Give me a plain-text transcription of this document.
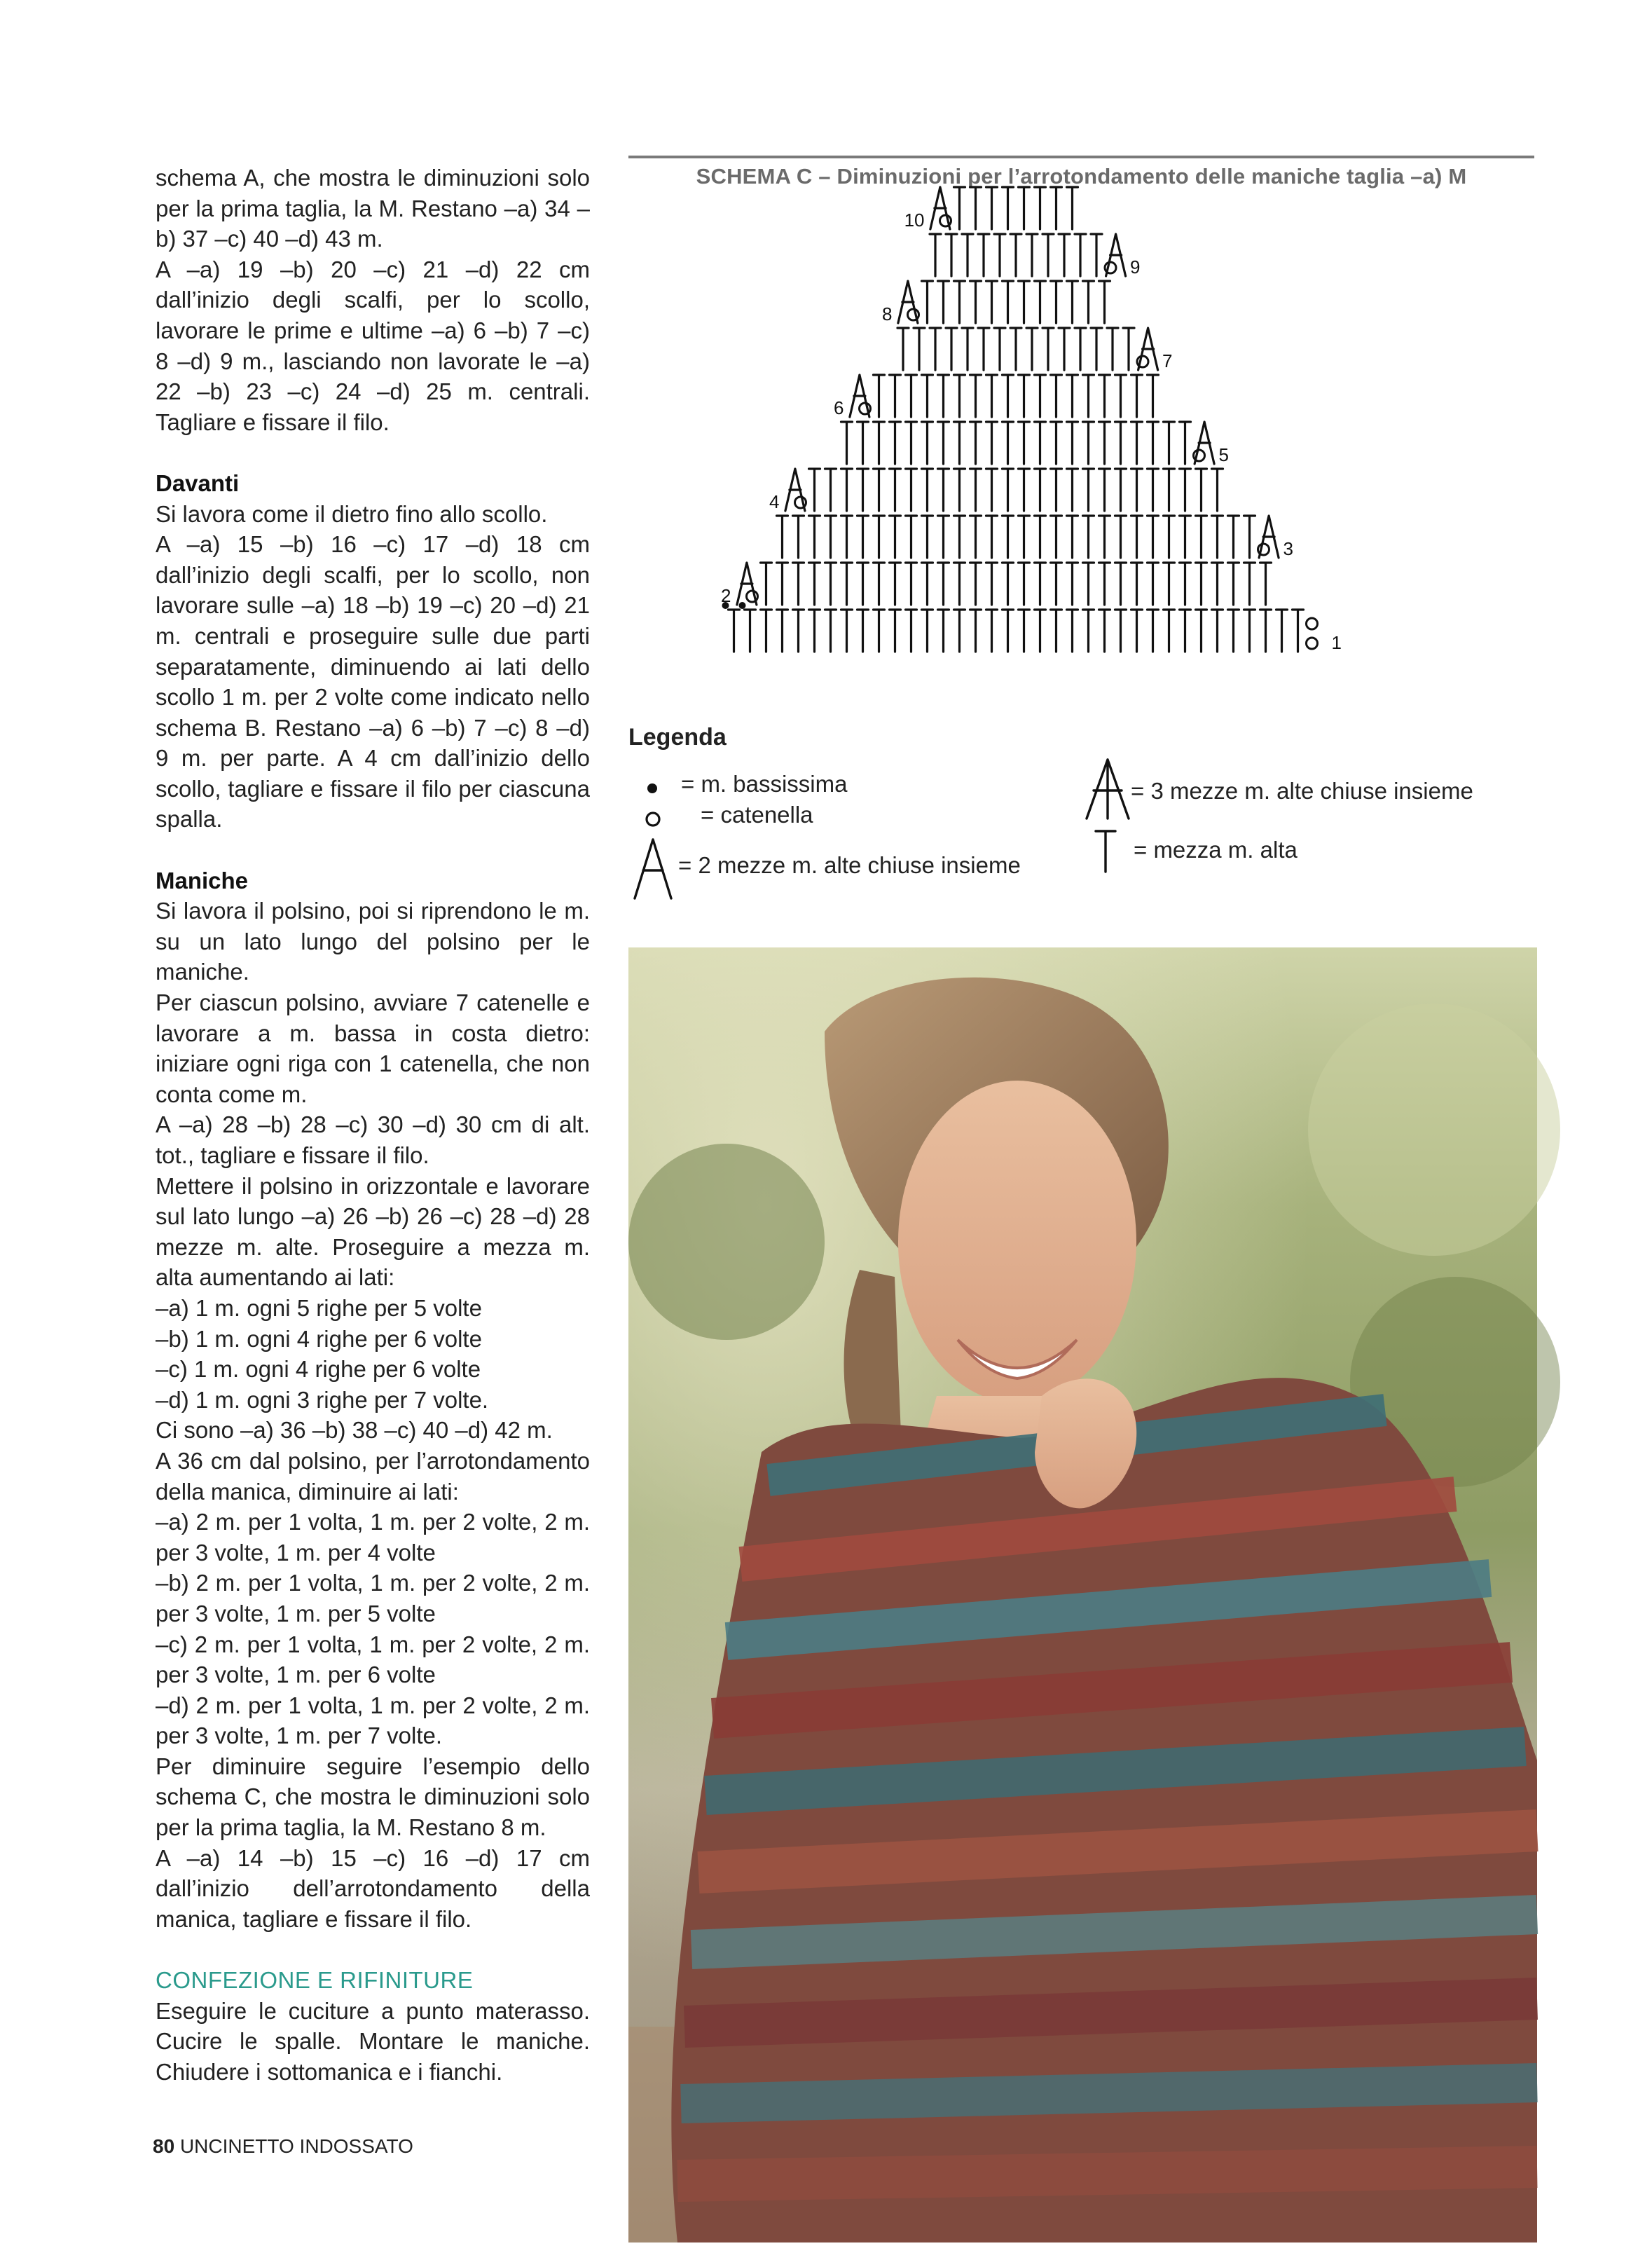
schema A, che mostra le diminuzioni solo per la prima taglia, la M. Restano –a) 34 –b) 37 –c) 40 –d) 43 m.

A –a) 19 –b) 20 –c) 21 –d) 22 cm dall’inizio degli scalfi, per lo scollo, lavorare le prime e ultime –a) 6 –b) 7 –c) 8 –d) 9 m., lasciando non lavorate le –a) 22 –b) 23 –c) 24 –d) 25 m. centrali. Tagliare e fissare il filo.

Davanti

Si lavora come il dietro fino allo scollo.

A –a) 15 –b) 16 –c) 17 –d) 18 cm dall’inizio degli scalfi, per lo scollo, non lavorare sulle –a) 18 –b) 19 –c) 20 –d) 21 m. centrali e proseguire sulle due parti separatamente, diminuendo ai lati dello scollo 1 m. per 2 volte come indicato nello schema B. Restano –a) 6 –b) 7 –c) 8 –d) 9 m. per parte. A 4 cm dall’inizio dello scollo, tagliare e fissare il filo per ciascuna spalla.

Maniche

Si lavora il polsino, poi si riprendono le m. su un lato lungo del polsino per le maniche.

Per ciascun polsino, avviare 7 catenelle e lavorare a m. bassa in costa dietro: iniziare ogni riga con 1 catenella, che non conta come m.

A –a) 28 –b) 28 –c) 30 –d) 30 cm di alt. tot., tagliare e fissare il filo.

Mettere il polsino in orizzontale e lavorare sul lato lungo –a) 26 –b) 26 –c) 28 –d) 28 mezze m. alte. Proseguire a mezza m. alta aumentando ai lati:

–a) 1 m. ogni 5 righe per 5 volte

–b) 1 m. ogni 4 righe per 6 volte

–c) 1 m. ogni 4 righe per 6 volte

–d) 1 m. ogni 3 righe per 7 volte.

Ci sono –a) 36 –b) 38 –c) 40 –d) 42 m.

A 36 cm dal polsino, per l’arrotondamento della manica, diminuire ai lati:

–a) 2 m. per 1 volta, 1 m. per 2 volte, 2 m. per 3 volte, 1 m. per 4 volte

–b) 2 m. per 1 volta, 1 m. per 2 volte, 2 m. per 3 volte, 1 m. per 5 volte

–c) 2 m. per 1 volta, 1 m. per 2 volte, 2 m. per 3 volte, 1 m. per 6 volte

–d) 2 m. per 1 volta, 1 m. per 2 volte, 2 m. per 3 volte, 1 m. per 7 volte.

Per diminuire seguire l’esempio dello schema C, che mostra le diminuzioni solo per la prima taglia, la M. Restano 8 m.

A –a) 14 –b) 15 –c) 16 –d) 17 cm dall’inizio dell’arrotondamento della manica, tagliare e fissare il filo.

CONFEZIONE E RIFINITURE

Eseguire le cuciture a punto materasso. Cucire le spalle. Montare le maniche. Chiudere i sottomanica e i fianchi.

80 UNCINETTO INDOSSATO
SCHEMA C – Diminuzioni per l’arrotondamento delle maniche taglia –a) M
1
2
3
4
5
6
7
8
9
10
Legenda
= m. bassissima
= catenella
= 2 mezze m. alte chiuse insieme
= 3 mezze m. alte chiuse insieme
= mezza m. alta
